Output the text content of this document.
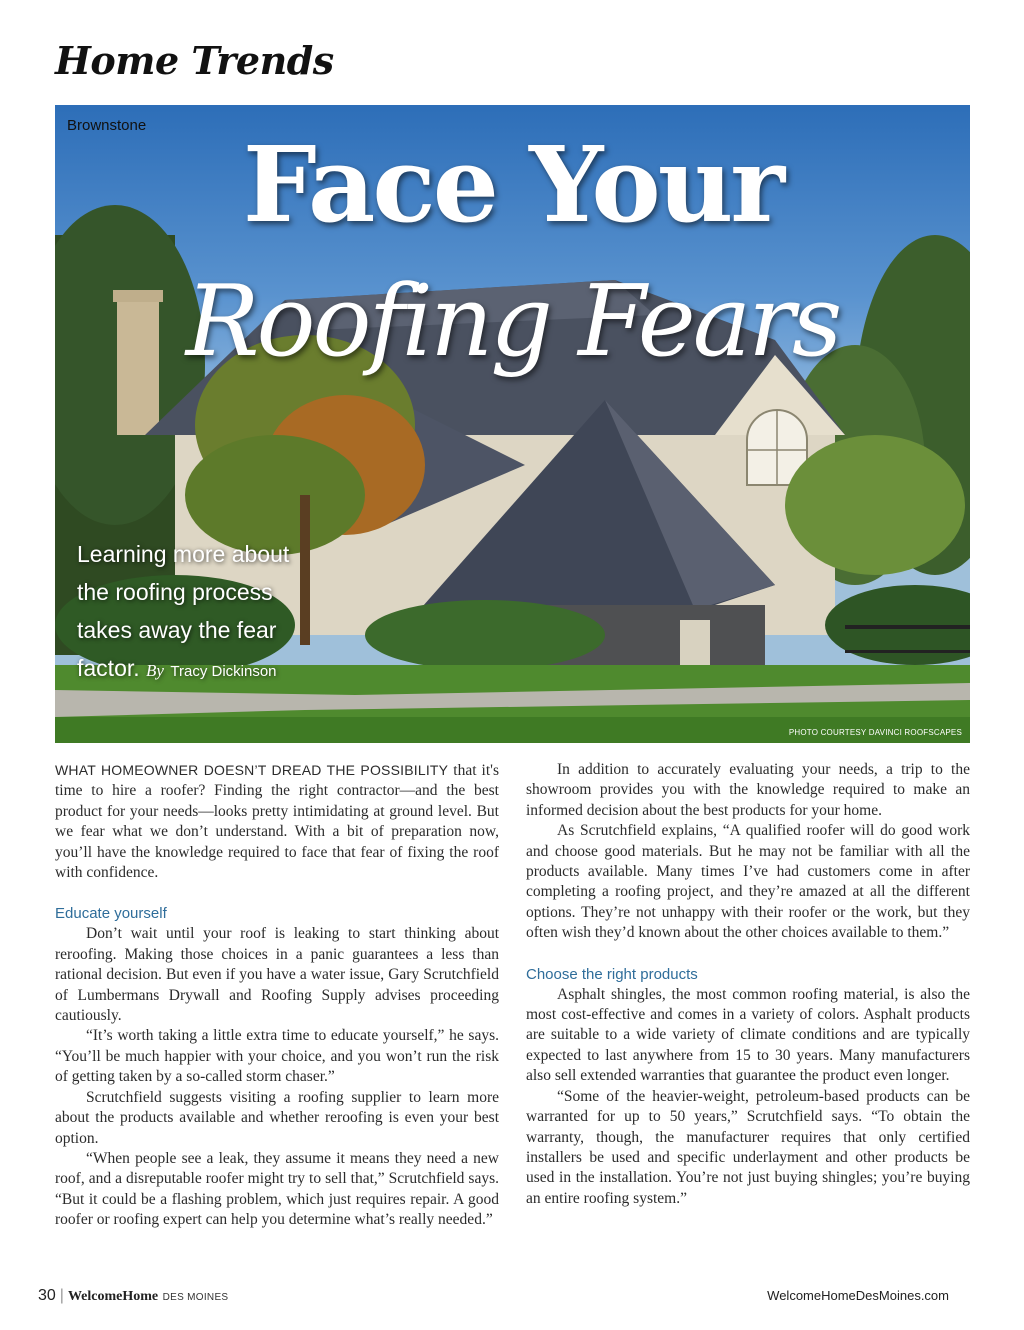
Home Trends
Brownstone Face Your
Roofing Fears
Learning more about
the roofing process
takes away the fear
factor. By Tracy Dickinson
PHOTO COURTESY DAVINCI ROOFSCAPES

WHAT HOMEOWNER DOESN’T DREAD THE POSSIBILITY that it's time to hire a roofer? Finding the right contractor—and the best product for your needs—looks pretty intimidating at ground level. But we fear what we don’t understand. With a bit of preparation now, you’ll have the knowledge required to face that fear of fixing the roof with confidence.

Educate yourself

Don’t wait until your roof is leaking to start thinking about reroofing. Making those choices in a panic guarantees a less than rational decision. But even if you have a water issue, Gary Scrutchfield of Lumbermans Drywall and Roofing Supply advises proceeding cautiously.

“It’s worth taking a little extra time to educate yourself,” he says. “You’ll be much happier with your choice, and you won’t run the risk of getting taken by a so-called storm chaser.”

Scrutchfield suggests visiting a roofing supplier to learn more about the products available and whether reroofing is even your best option.

“When people see a leak, they assume it means they need a new roof, and a disreputable roofer might try to sell that,” Scrutchfield says. “But it could be a flashing problem, which just requires repair. A good roofer or roofing expert can help you determine what’s really needed.”

In addition to accurately evaluating your needs, a trip to the showroom provides you with the knowledge required to make an informed decision about the best products for your home.

As Scrutchfield explains, “A qualified roofer will do good work and choose good materials. But he may not be familiar with all the products available. Many times I’ve had customers come in after completing a roofing project, and they’re amazed at all the different options. They’re not unhappy with their roofer or the work, but they often wish they’d known about the other choices available to them.”

Choose the right products

Asphalt shingles, the most common roofing material, is also the most cost-effective and comes in a variety of colors. Asphalt products are suitable to a wide variety of climate conditions and are typically expected to last anywhere from 15 to 30 years. Many manufacturers also sell extended warranties that guarantee the product even longer.

“Some of the heavier-weight, petroleum-based products can be warranted for up to 50 years,” Scrutchfield says. “To obtain the warranty, though, the manufacturer requires that only certified installers be used and specific underlayment and other products be used in the installation. You’re not just buying shingles; you’re buying an entire roofing system.”

30 | WelcomeHome DES MOINES	WelcomeHomeDesMoines.com
